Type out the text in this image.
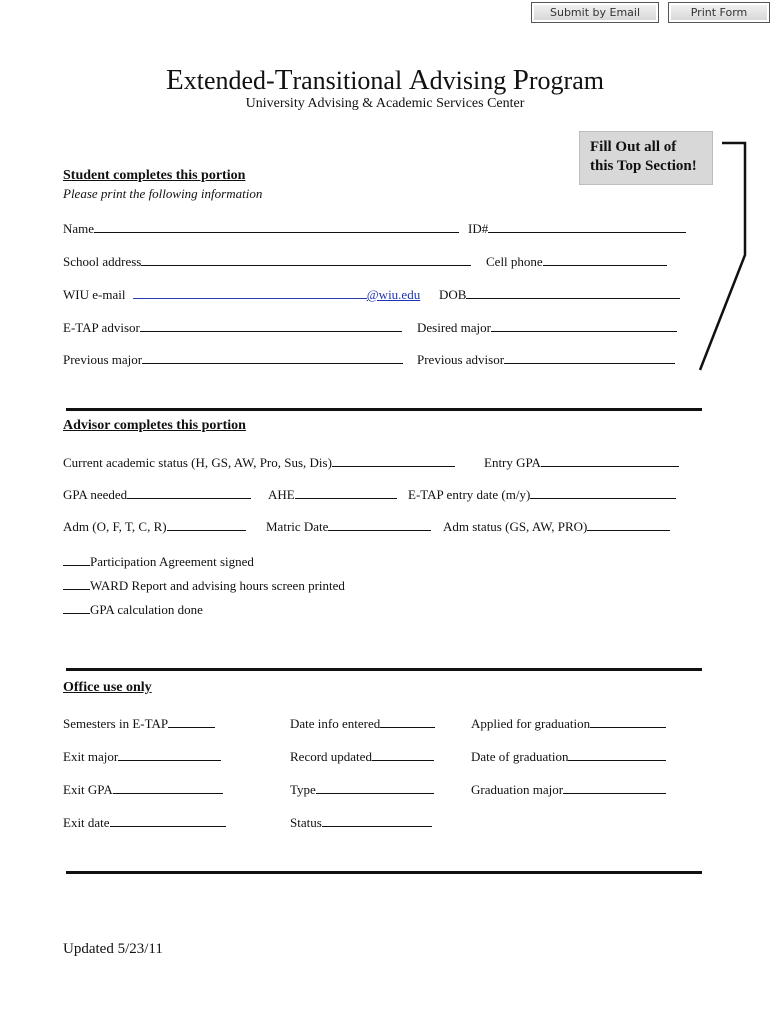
Submit by Email	Print Form
Extended-Transitional Advising Program
University Advising & Academic Services Center
Fill Out all of
this Top Section!
Student completes this portion
Please print the following information
Name	ID#
School address	Cell phone
WIU e-mail	@wiu.edu DOB
E-TAP advisor	Desired major
Previous major	Previous advisor
Advisor completes this portion
Current academic status (H, GS, AW, Pro, Sus, Dis)	Entry GPA
GPA needed	AHE	E-TAP entry date (m/y)
Adm (O, F, T, C, R)	Matric Date	Adm status (GS, AW, PRO)
Participation Agreement signed
WARD Report and advising hours screen printed
GPA calculation done
Office use only
Semesters in E-TAP	Date info entered	Applied for graduation
Exit major	Record updated	Date of graduation
Exit GPA	Type	Graduation major
Exit date	Status
Updated 5/23/11
